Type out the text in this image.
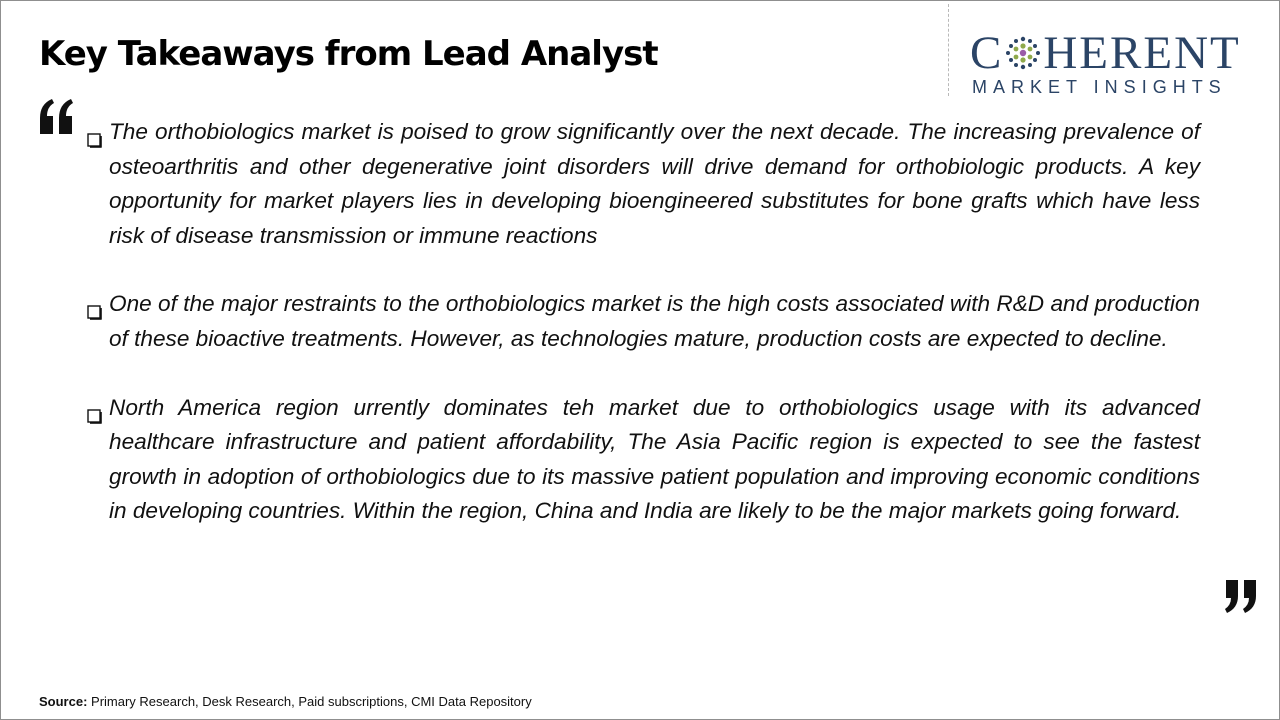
Key Takeaways from Lead Analyst	C HERENT
MARKET INSIGHTS
The orthobiologics market is poised to grow significantly over the next decade. The increasing prevalence of osteoarthritis and other degenerative joint disorders will drive demand for orthobiologic products. A key opportunity for market players lies in developing bioengineered substitutes for bone grafts which have less risk of disease transmission or immune reactions
One of the major restraints to the orthobiologics market is the high costs associated with R&D and production of these bioactive treatments. However, as technologies mature, production costs are expected to decline.
North America region urrently dominates teh market due to orthobiologics usage with its advanced healthcare infrastructure and patient affordability, The Asia Pacific region is expected to see the fastest growth in adoption of orthobiologics due to its massive patient population and improving economic conditions in developing countries. Within the region, China and India are likely to be the major markets going forward.
Source: Primary Research, Desk Research, Paid subscriptions, CMI Data Repository
